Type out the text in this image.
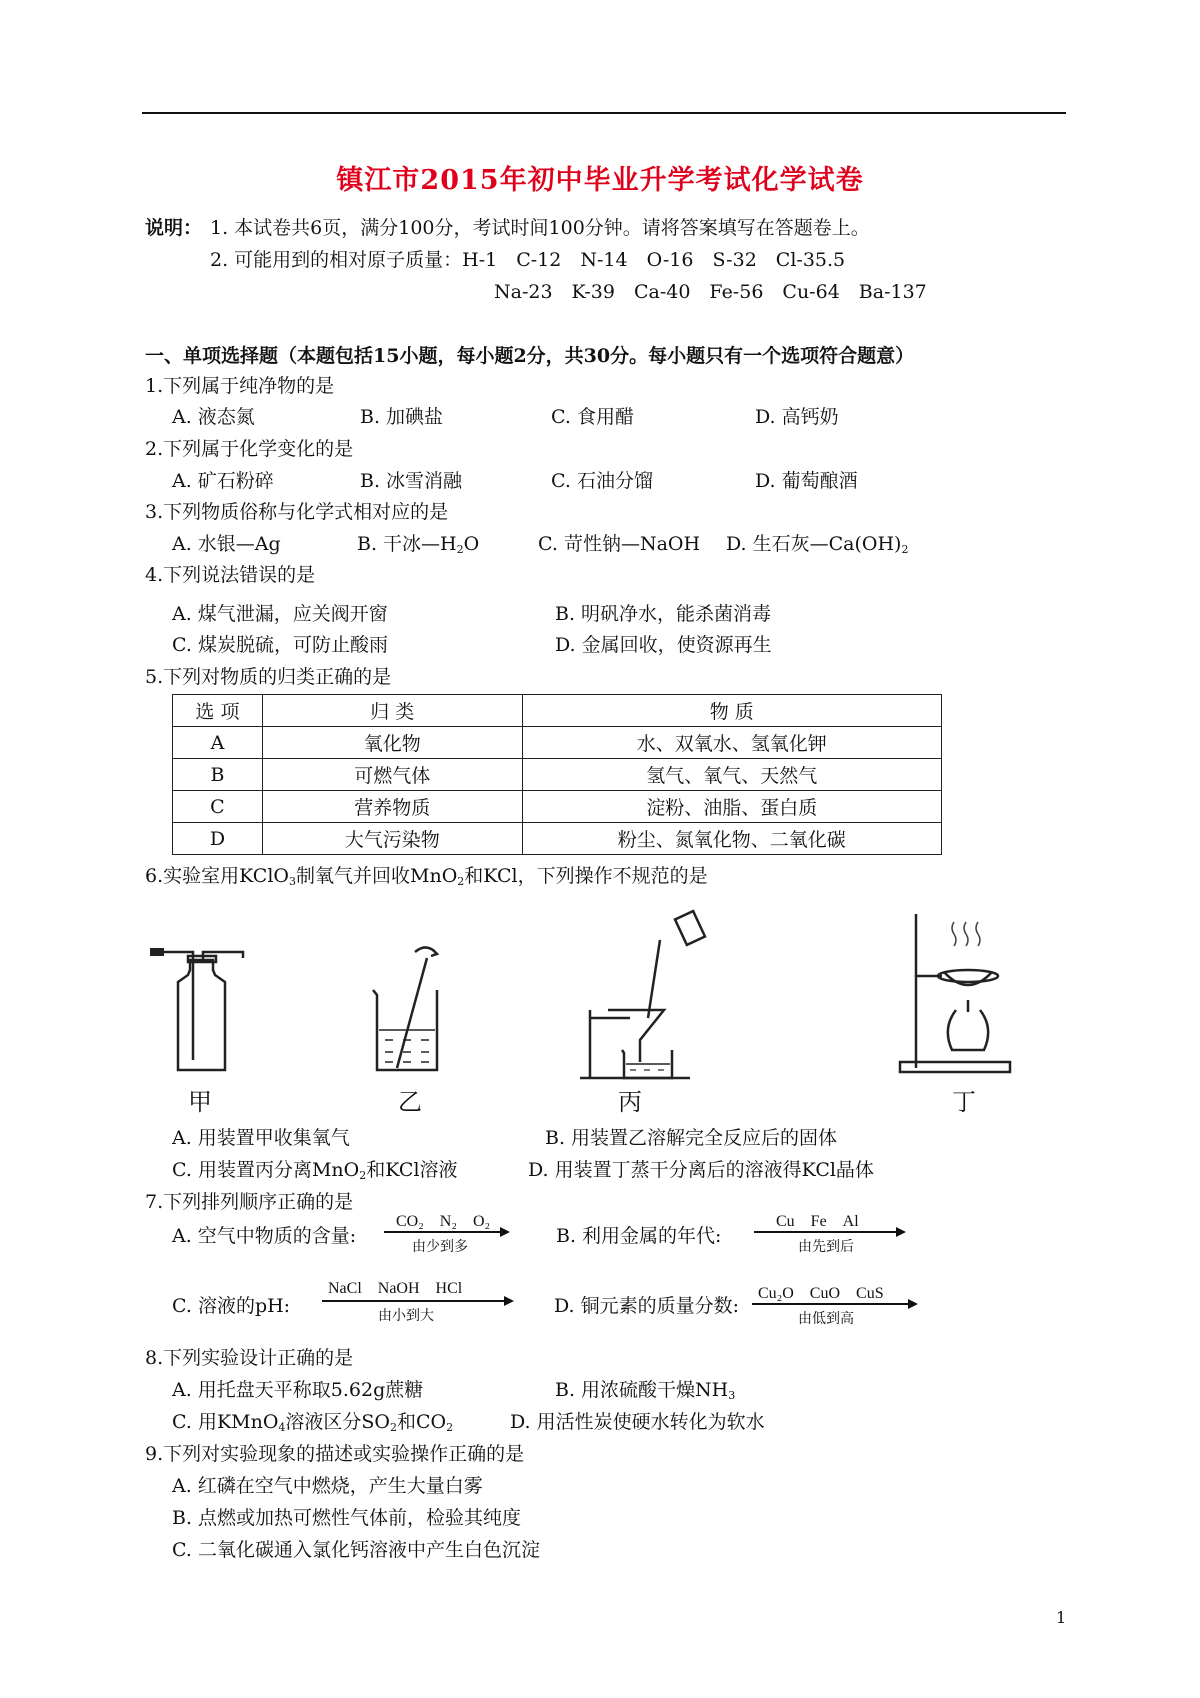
镇江市2015年初中毕业升学考试化学试卷
说明： 1. 本试卷共6页，满分100分，考试时间100分钟。请将答案填写在答题卷上。
2. 可能用到的相对原子质量：H-1　C-12　N-14　O-16　S-32　Cl-35.5
Na-23　K-39　Ca-40　Fe-56　Cu-64　Ba-137
一、单项选择题（本题包括15小题，每小题2分，共30分。每小题只有一个选项符合题意）
1.下列属于纯净物的是
A. 液态氮	B. 加碘盐	C. 食用醋	D. 高钙奶
2.下列属于化学变化的是
A. 矿石粉碎	B. 冰雪消融	C. 石油分馏	D. 葡萄酿酒
3.下列物质俗称与化学式相对应的是
A. 水银—Ag	B. 干冰$—H_2O$	C. 苛性钠—NaOH D. 生石灰$—Ca(OH)_2$
4.下列说法错误的是
A. 煤气泄漏，应关阀开窗	B. 明矾净水，能杀菌消毒
C. 煤炭脱硫，可防止酸雨	D. 金属回收，使资源再生
5.下列对物质的归类正确的是
选 项	归 类	物 质
A	氧化物	水、双氧水、氢氧化钾
B	可燃气体	氢气、氧气、天然气
C	营养物质	淀粉、油脂、蛋白质
D	大气污染物	粉尘、氮氧化物、二氧化碳
6.实验室用KClO$_3$制氧气并回收MnO$_2$和KCl，下列操作不规范的是
甲	乙	丙	丁
A. 用装置甲收集氧气	B. 用装置乙溶解完全反应后的固体
C. 用装置丙分离MnO$_2$和KCl溶液	D. 用装置丁蒸干分离后的溶液得KCl晶体
7.下列排列顺序正确的是
A. 空气中物质的含量:
CO₂　N₂　O₂
由少到多	B. 利用金属的年代:
Cu　Fe　Al
由先到后
C. 溶液的pH:
NaCl　NaOH　HCl
由小到大	D. 铜元素的质量分数:
Cu₂O　CuO　CuS
由低到高
8.下列实验设计正确的是
A. 用托盘天平称取5.62g蔗糖	B. 用浓硫酸干燥$NH_3$
C. 用KMnO$_4$溶液区分$SO_2$和$CO_2$	D. 用活性炭使硬水转化为软水
9.下列对实验现象的描述或实验操作正确的是
A. 红磷在空气中燃烧，产生大量白雾
B. 点燃或加热可燃性气体前，检验其纯度
C. 二氧化碳通入氯化钙溶液中产生白色沉淀
1
